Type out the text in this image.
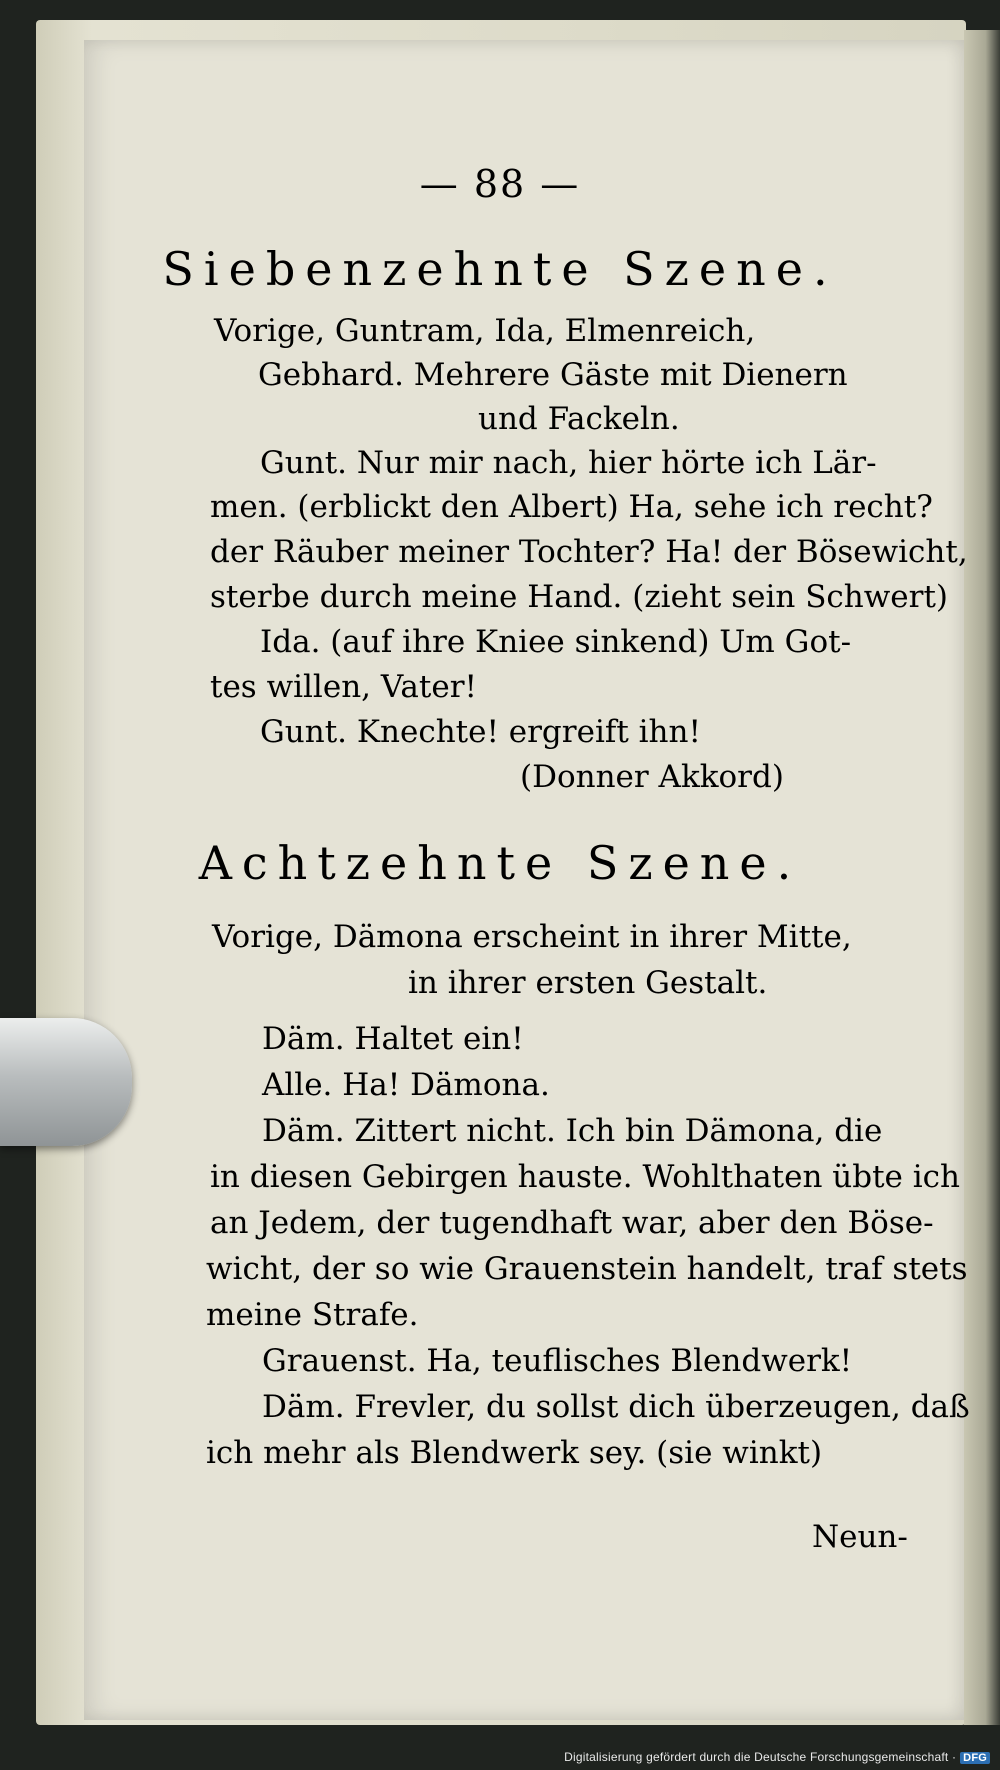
— 88 —
Siebenzehnte Szene.
Vorige, Guntram, Ida, Elmenreich,
Gebhard. Mehrere Gäste mit Dienern
und Fackeln.
Gunt. Nur mir nach, hier hörte ich Lär-
men. (erblickt den Albert) Ha, sehe ich recht?
der Räuber meiner Tochter? Ha! der Bösewicht,
sterbe durch meine Hand. (zieht sein Schwert)
Ida. (auf ihre Kniee sinkend) Um Got-
tes willen, Vater!
Gunt. Knechte! ergreift ihn!
(Donner Akkord)
Achtzehnte Szene.
Vorige, Dämona erscheint in ihrer Mitte,
in ihrer ersten Gestalt.
Däm. Haltet ein!
Alle. Ha! Dämona.
Däm. Zittert nicht. Ich bin Dämona, die
in diesen Gebirgen hauste. Wohlthaten übte ich
an Jedem, der tugendhaft war, aber den Böse-
wicht, der so wie Grauenstein handelt, traf stets
meine Strafe.
Grauenst. Ha, teuflisches Blendwerk!
Däm. Frevler, du sollst dich überzeugen, daß
ich mehr als Blendwerk sey. (sie winkt)
Neun-
Digitalisierung gefördert durch die Deutsche Forschungsgemeinschaft · DFG
